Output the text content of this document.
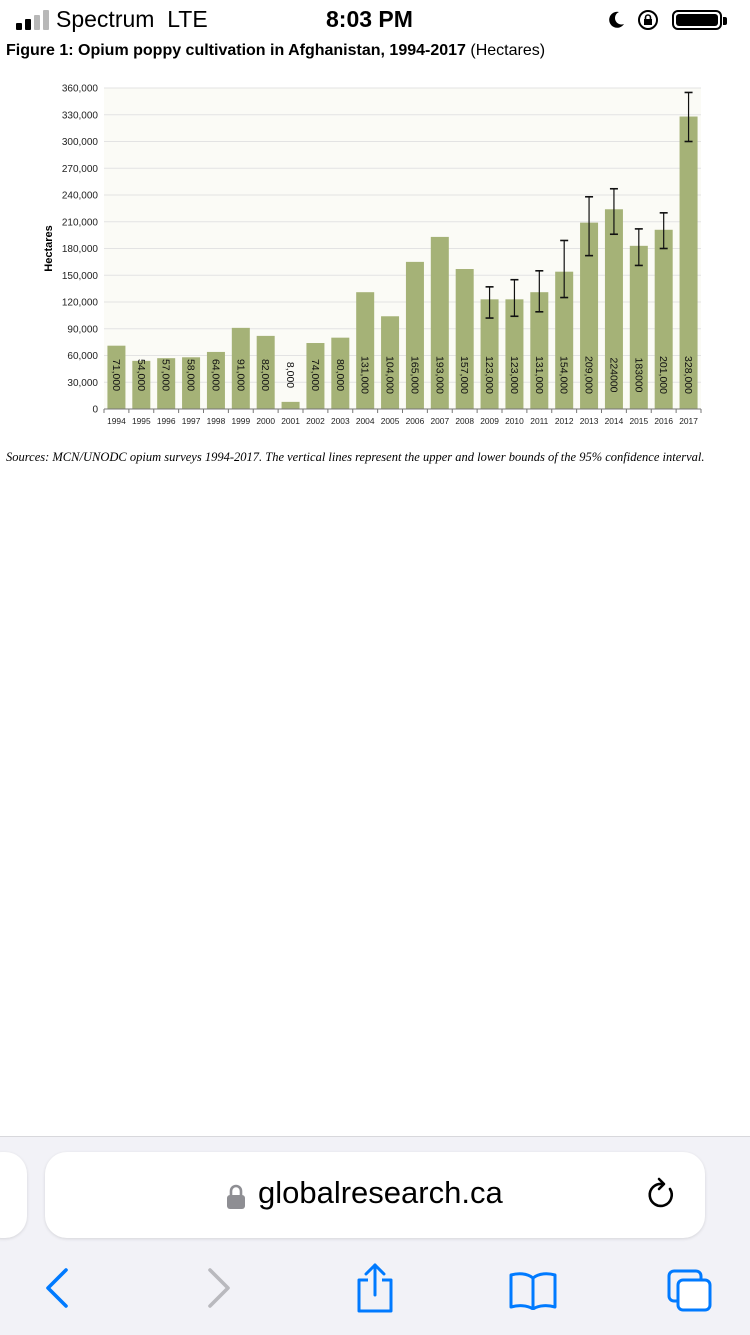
Spectrum LTE	8:03 PM
Figure 1: Opium poppy cultivation in Afghanistan, 1994-2017 (Hectares)
0
30,000
60,000
90,000
120,000
150,000
180,000
210,000
240,000
270,000
300,000
330,000
360,000
Hectares
71,000
1994
54,000
1995
57,000
1996
58,000
1997
64,000
1998
91,000
1999
82,000
2000
8,000
2001
74,000
2002
80,000
2003
131,000
2004
104,000
2005
165,000
2006
193,000
2007
157,000
2008
123,000
2009
123,000
2010
131,000
2011
154,000
2012
209,000
2013
224000
2014
183000
2015
201,000
2016
328,000
2017
Sources: MCN/UNODC opium surveys 1994-2017. The vertical lines represent the upper and lower bounds of the 95% confidence interval.
globalresearch.ca
